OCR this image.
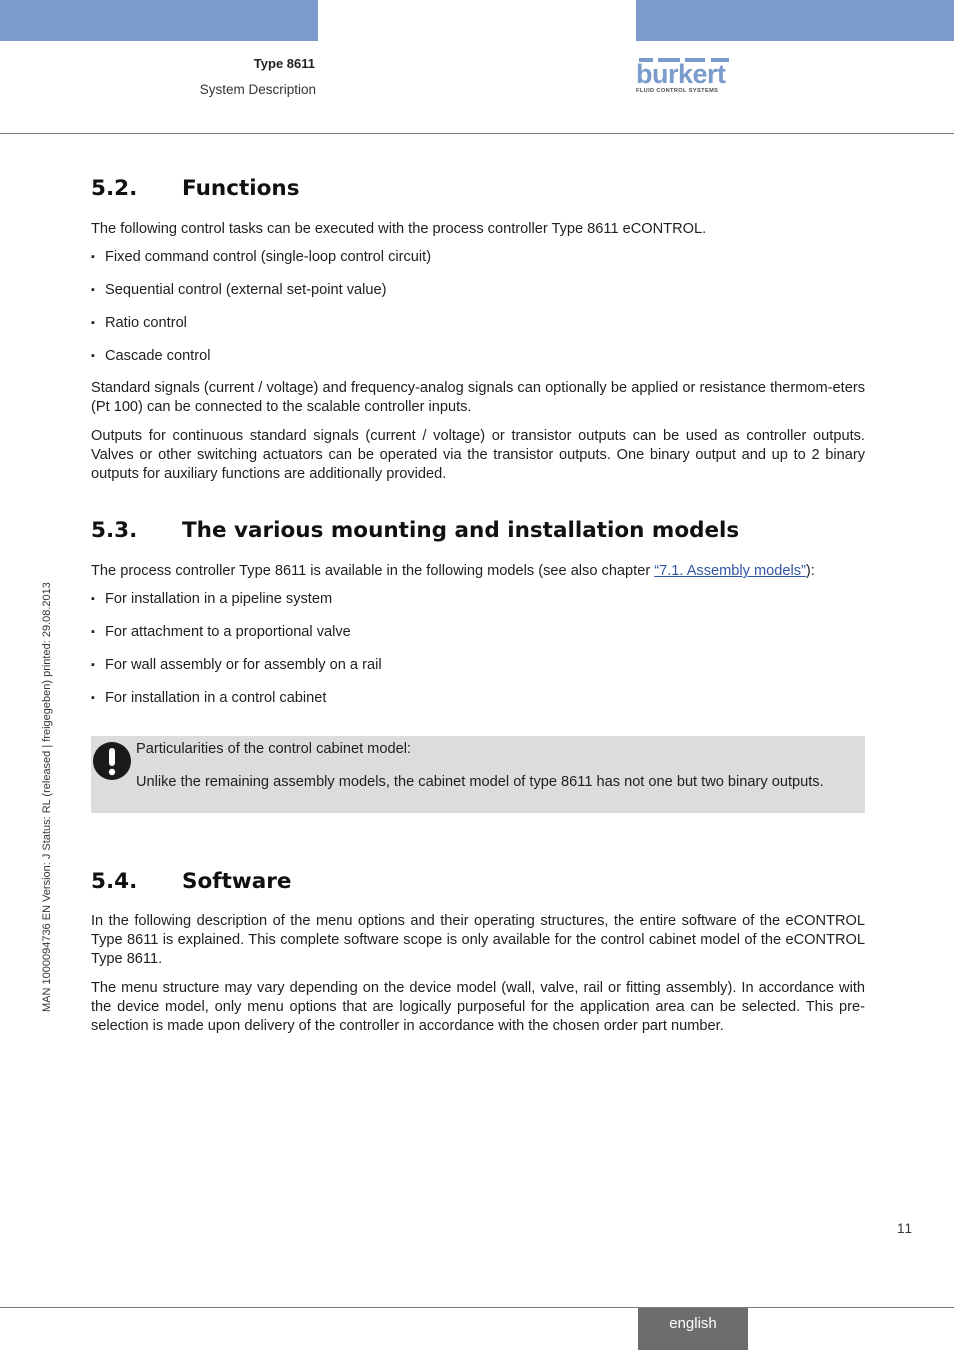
Type 8611
System Description
burkert
FLUID CONTROL SYSTEMS
MAN 1000094736 EN Version: J Status: RL (released | freigegeben) printed: 29.08.2013
5.2. Functions

The following control tasks can be executed with the process controller Type 8611 eCONTROL.

▪ Fixed command control (single-loop control circuit)
▪ Sequential control (external set-point value)
▪ Ratio control
▪ Cascade control

Standard signals (current / voltage) and frequency-analog signals can optionally be applied or resistance thermom-eters (Pt 100) can be connected to the scalable controller inputs.

Outputs for continuous standard signals (current / voltage) or transistor outputs can be used as controller outputs. Valves or other switching actuators can be operated via the transistor outputs. One binary output and up to 2 binary outputs for auxiliary functions are additionally provided.

5.3. The various mounting and installation models

The process controller Type 8611 is available in the following models (see also chapter “7.1. Assembly models”):

▪ For installation in a pipeline system
▪ For attachment to a proportional valve
▪ For wall assembly or for assembly on a rail
▪ For installation in a control cabinet
Particularities of the control cabinet model:
Unlike the remaining assembly models, the cabinet model of type 8611 has not one but two binary outputs.
5.4. Software

In the following description of the menu options and their operating structures, the entire software of the eCONTROL Type 8611 is explained. This complete software scope is only available for the control cabinet model of the eCONTROL Type 8611.

The menu structure may vary depending on the device model (wall, valve, rail or fitting assembly). In accordance with the device model, only menu options that are logically purposeful for the application area can be selected. This pre-selection is made upon delivery of the controller in accordance with the chosen order part number.

11
english
